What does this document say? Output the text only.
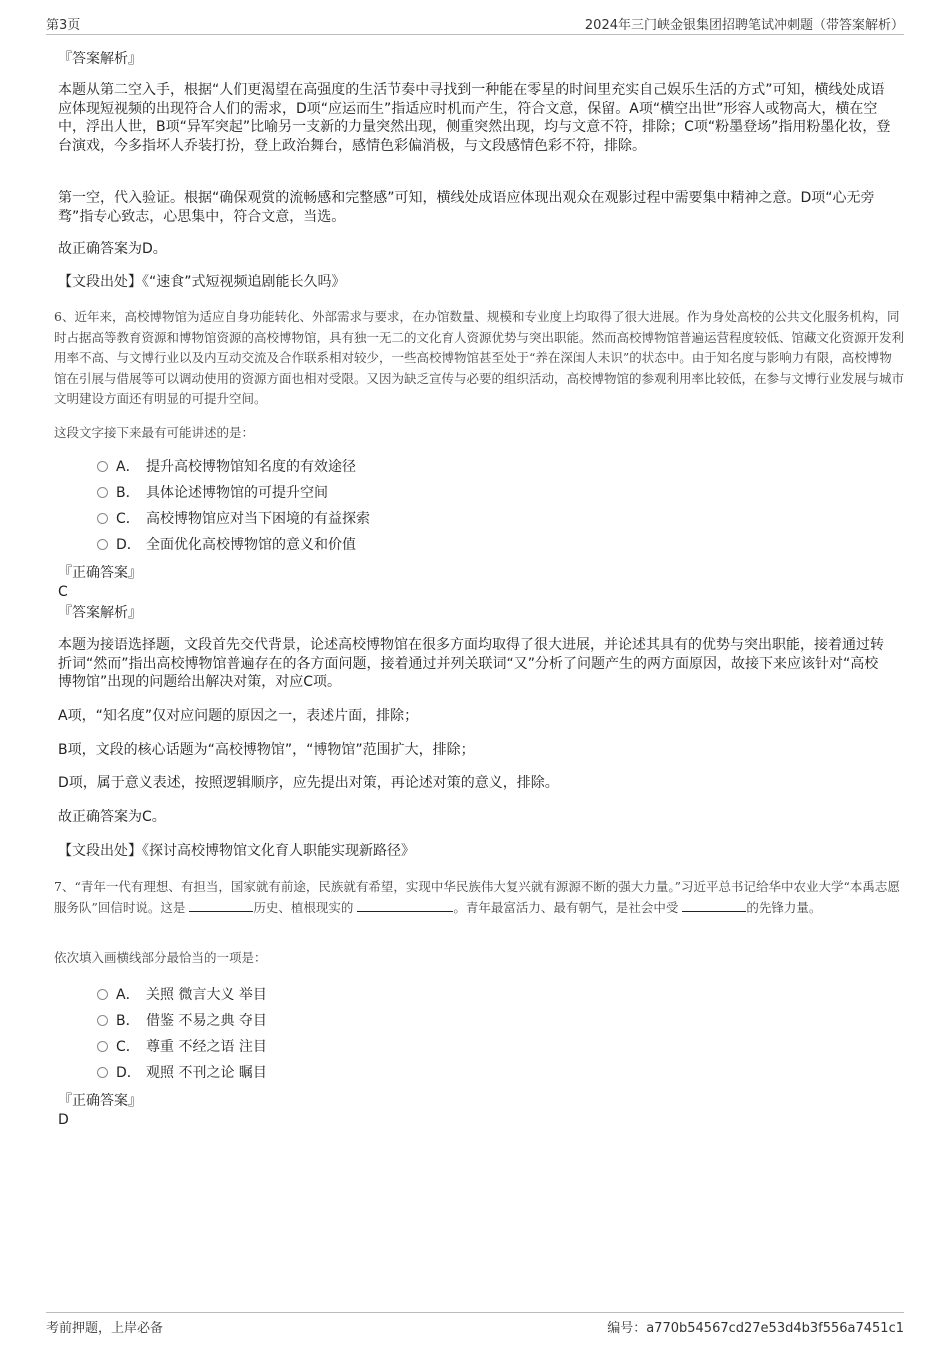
第3页	2024年三门峡金银集团招聘笔试冲刺题（带答案解析）
『答案解析』
本题从第二空入手，根据“人们更渴望在高强度的生活节奏中寻找到一种能在零星的时间里充实自己娱乐生活的方式”可知，横线处成语应体现短视频的出现符合人们的需求，D项“应运而生”指适应时机而产生，符合文意，保留。A项“横空出世”形容人或物高大，横在空中，浮出人世，B项“异军突起”比喻另一支新的力量突然出现，侧重突然出现，均与文意不符，排除；C项“粉墨登场”指用粉墨化妆，登台演戏，今多指坏人乔装打扮，登上政治舞台，感情色彩偏消极，与文段感情色彩不符，排除。
第一空，代入验证。根据“确保观赏的流畅感和完整感”可知，横线处成语应体现出观众在观影过程中需要集中精神之意。D项“心无旁骛”指专心致志，心思集中，符合文意，当选。
故正确答案为D。
【文段出处】《“速食”式短视频追剧能长久吗》
6、近年来，高校博物馆为适应自身功能转化、外部需求与要求，在办馆数量、规模和专业度上均取得了很大进展。作为身处高校的公共文化服务机构，同时占据高等教育资源和博物馆资源的高校博物馆，具有独一无二的文化育人资源优势与突出职能。然而高校博物馆普遍运营程度较低、馆藏文化资源开发利用率不高、与文博行业以及内互动交流及合作联系相对较少，一些高校博物馆甚至处于“养在深闺人未识”的状态中。由于知名度与影响力有限，高校博物馆在引展与借展等可以调动使用的资源方面也相对受限。又因为缺乏宣传与必要的组织活动，高校博物馆的参观利用率比较低，在参与文博行业发展与城市文明建设方面还有明显的可提升空间。
这段文字接下来最有可能讲述的是：
A． 提升高校博物馆知名度的有效途径
B． 具体论述博物馆的可提升空间
C． 高校博物馆应对当下困境的有益探索
D． 全面优化高校博物馆的意义和价值
『正确答案』
C
『答案解析』
本题为接语选择题，文段首先交代背景，论述高校博物馆在很多方面均取得了很大进展，并论述其具有的优势与突出职能，接着通过转折词“然而”指出高校博物馆普遍存在的各方面问题，接着通过并列关联词“又”分析了问题产生的两方面原因，故接下来应该针对“高校博物馆”出现的问题给出解决对策，对应C项。
A项，“知名度”仅对应问题的原因之一，表述片面，排除；
B项，文段的核心话题为“高校博物馆”，“博物馆”范围扩大，排除；
D项，属于意义表述，按照逻辑顺序，应先提出对策，再论述对策的意义，排除。
故正确答案为C。
【文段出处】《探讨高校博物馆文化育人职能实现新路径》
7、“青年一代有理想、有担当，国家就有前途，民族就有希望，实现中华民族伟大复兴就有源源不断的强大力量。”习近平总书记给华中农业大学“本禹志愿服务队”回信时说。这是	历史、植根现实的	。青年最富活力、最有朝气，是社会中受	的先锋力量。
依次填入画横线部分最恰当的一项是：
A． 关照 微言大义 举目
B． 借鉴 不易之典 夺目
C． 尊重 不经之语 注目
D． 观照 不刊之论 瞩目
『正确答案』
D
考前押题，上岸必备	编号：a770b54567cd27e53d4b3f556a7451c1
